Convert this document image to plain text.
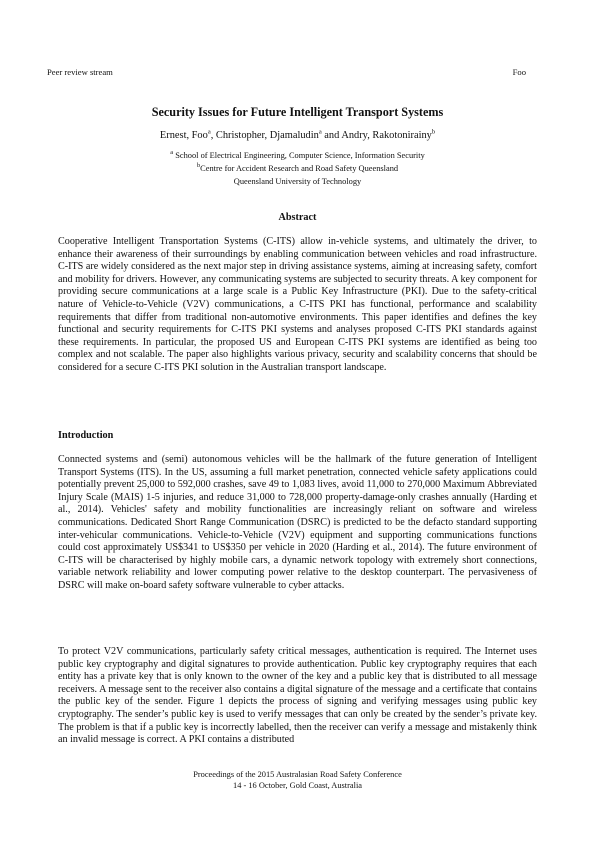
Peer review stream	Foo
Security Issues for Future Intelligent Transport Systems
Ernest, Foo$^a$, Christopher, Djamaludin$^a$ and Andry, Rakotonirainy$^b$
$^a$ School of Electrical Engineering, Computer Science, Information Security
$^b$Centre for Accident Research and Road Safety Queensland
Queensland University of Technology
Abstract

Cooperative Intelligent Transportation Systems (C-ITS) allow in-vehicle systems, and ultimately the driver, to enhance their awareness of their surroundings by enabling communication between vehicles and road infrastructure. C-ITS are widely considered as the next major step in driving assistance systems, aiming at increasing safety, comfort and mobility for drivers. However, any communicating systems are subjected to security threats. A key component for providing secure communications at a large scale is a Public Key Infrastructure (PKI). Due to the safety-critical nature of Vehicle-to-Vehicle (V2V) communications, a C-ITS PKI has functional, performance and scalability requirements that differ from traditional non-automotive environments. This paper identifies and defines the key functional and security requirements for C-ITS PKI systems and analyses proposed C-ITS PKI standards against these requirements. In particular, the proposed US and European C-ITS PKI systems are identified as being too complex and not scalable. The paper also highlights various privacy, security and scalability concerns that should be considered for a secure C-ITS PKI solution in the Australian transport landscape.

Introduction

Connected systems and (semi) autonomous vehicles will be the hallmark of the future generation of Intelligent Transport Systems (ITS). In the US, assuming a full market penetration, connected vehicle safety applications could potentially prevent 25,000 to 592,000 crashes, save 49 to 1,083 lives, avoid 11,000 to 270,000 Maximum Abbreviated Injury Scale (MAIS) 1-5 injuries, and reduce 31,000 to 728,000 property-damage-only crashes annually (Harding et al., 2014). Vehicles' safety and mobility functionalities are increasingly reliant on software and wireless communications. Dedicated Short Range Communication (DSRC) is predicted to be the defacto standard supporting inter-vehicular communications. Vehicle-to-Vehicle (V2V) equipment and supporting communications functions could cost approximately US$341 to US$350 per vehicle in 2020 (Harding et al., 2014). The future environment of C-ITS will be characterised by highly mobile cars, a dynamic network topology with extremely short connections, variable network reliability and lower computing power relative to the desktop counterpart. The pervasiveness of DSRC will make on-board safety software vulnerable to cyber attacks.

To protect V2V communications, particularly safety critical messages, authentication is required. The Internet uses public key cryptography and digital signatures to provide authentication. Public key cryptography requires that each entity has a private key that is only known to the owner of the key and a public key that is distributed to all message receivers. A message sent to the receiver also contains a digital signature of the message and a certificate that contains the public key of the sender. Figure 1 depicts the process of signing and verifying messages using public key cryptography. The sender’s public key is used to verify messages that can only be created by the sender’s private key. The problem is that if a public key is incorrectly labelled, then the receiver can verify a message and mistakenly think an invalid message is correct. A PKI contains a distributed

Proceedings of the 2015 Australasian Road Safety Conference
14 - 16 October, Gold Coast, Australia
